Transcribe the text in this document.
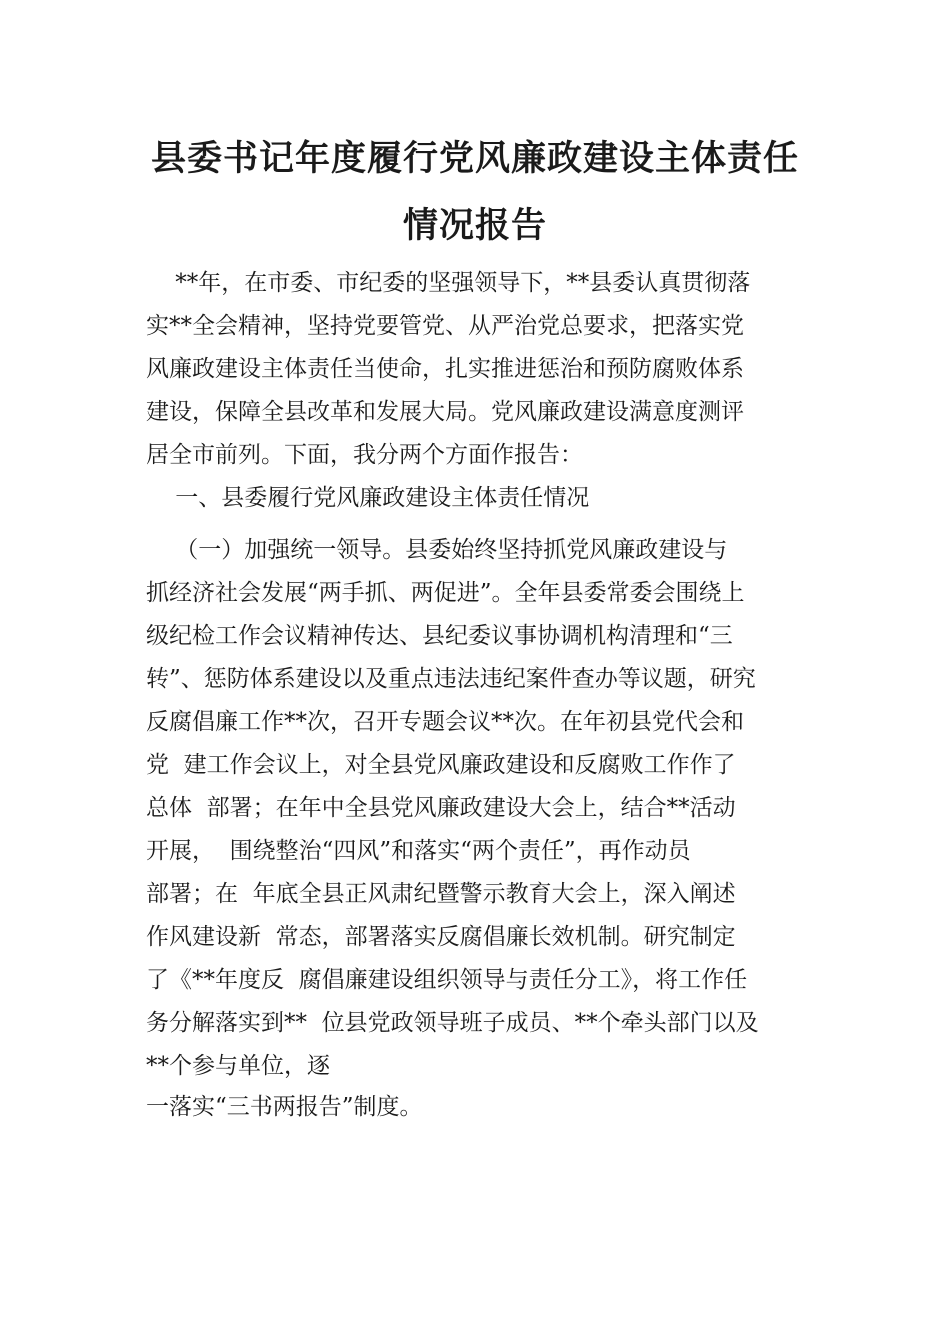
县委书记年度履行党风廉政建设主体责任
情况报告

**年，在市委、市纪委的坚强领导下，**县委认真贯彻落

实**全会精神，坚持党要管党、从严治党总要求，把落实党

风廉政建设主体责任当使命，扎实推进惩治和预防腐败体系

建设，保障全县改革和发展大局。党风廉政建设满意度测评

居全市前列。下面，我分两个方面作报告：

一、县委履行党风廉政建设主体责任情况

（一）加强统一领导。县委始终坚持抓党风廉政建设与

抓经济社会发展“两手抓、两促进”。全年县委常委会围绕上

级纪检工作会议精神传达、县纪委议事协调机构清理和“三

转”、惩防体系建设以及重点违法违纪案件查办等议题，研究

反腐倡廉工作**次，召开专题会议**次。在年初县党代会和

党  建工作会议上，对全县党风廉政建设和反腐败工作作了

总体  部署；在年中全县党风廉政建设大会上，结合**活动

开展，  围绕整治“四风”和落实“两个责任”，再作动员

部署；在  年底全县正风肃纪暨警示教育大会上，深入阐述

作风建设新  常态，部署落实反腐倡廉长效机制。研究制定

了《**年度反  腐倡廉建设组织领导与责任分工》，将工作任

务分解落实到**  位县党政领导班子成员、**个牵头部门以及

**个参与单位，逐

一落实“三书两报告”制度。
